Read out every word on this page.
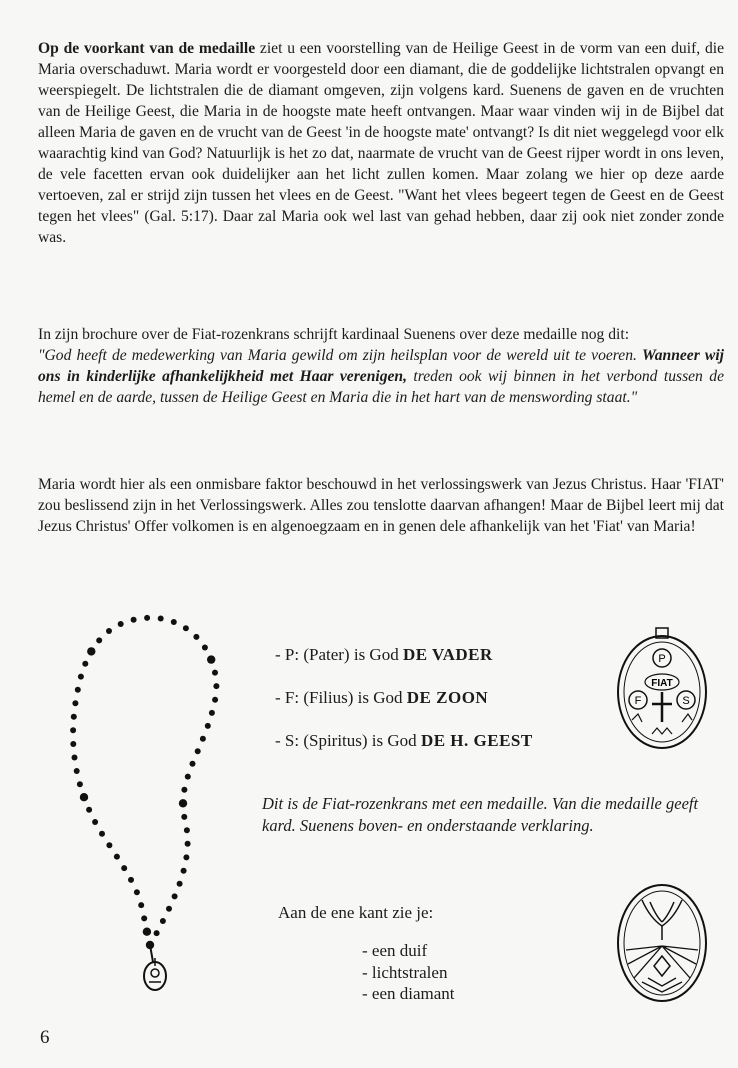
Op de voorkant van de medaille ziet u een voorstelling van de Heilige Geest in de vorm van een duif, die Maria overschaduwt. Maria wordt er voorgesteld door een diamant, die de goddelijke lichtstralen opvangt en weerspiegelt. De lichtstralen die de diamant omgeven, zijn volgens kard. Suenens de gaven en de vruchten van de Heilige Geest, die Maria in de hoogste mate heeft ontvangen. Maar waar vinden wij in de Bijbel dat alleen Maria de gaven en de vrucht van de Geest 'in de hoogste mate' ontvangt? Is dit niet weggelegd voor elk waarachtig kind van God? Natuurlijk is het zo dat, naarmate de vrucht van de Geest rijper wordt in ons leven, de vele facetten ervan ook duidelijker aan het licht zullen komen. Maar zolang we hier op deze aarde vertoeven, zal er strijd zijn tussen het vlees en de Geest. "Want het vlees begeert tegen de Geest en de Geest tegen het vlees" (Gal. 5:17). Daar zal Maria ook wel last van gehad hebben, daar zij ook niet zonder zonde was.

In zijn brochure over de Fiat-rozenkrans schrijft kardinaal Suenens over deze medaille nog dit:

"God heeft de medewerking van Maria gewild om zijn heilsplan voor de wereld uit te voeren. Wanneer wij ons in kinderlijke afhankelijkheid met Haar verenigen, treden ook wij binnen in het verbond tussen de hemel en de aarde, tussen de Heilige Geest en Maria die in het hart van de menswording staat."

Maria wordt hier als een onmisbare faktor beschouwd in het verlossingswerk van Jezus Christus. Haar 'FIAT' zou beslissend zijn in het Verlossingswerk. Alles zou tenslotte daarvan afhangen! Maar de Bijbel leert mij dat Jezus Christus' Offer volkomen is en algenoegzaam en in genen dele afhankelijk van het 'Fiat' van Maria!

- P: (Pater) is God DE VADER
- F: (Filius) is God DE ZOON
- S: (Spiritus) is God DE H. GEEST
P
FIAT
F	S
Dit is de Fiat-rozenkrans met een medaille. Van die medaille geeft kard. Suenens boven- en onderstaande verklaring.
Aan de ene kant zie je:
- een duif
- lichtstralen
- een diamant
6
